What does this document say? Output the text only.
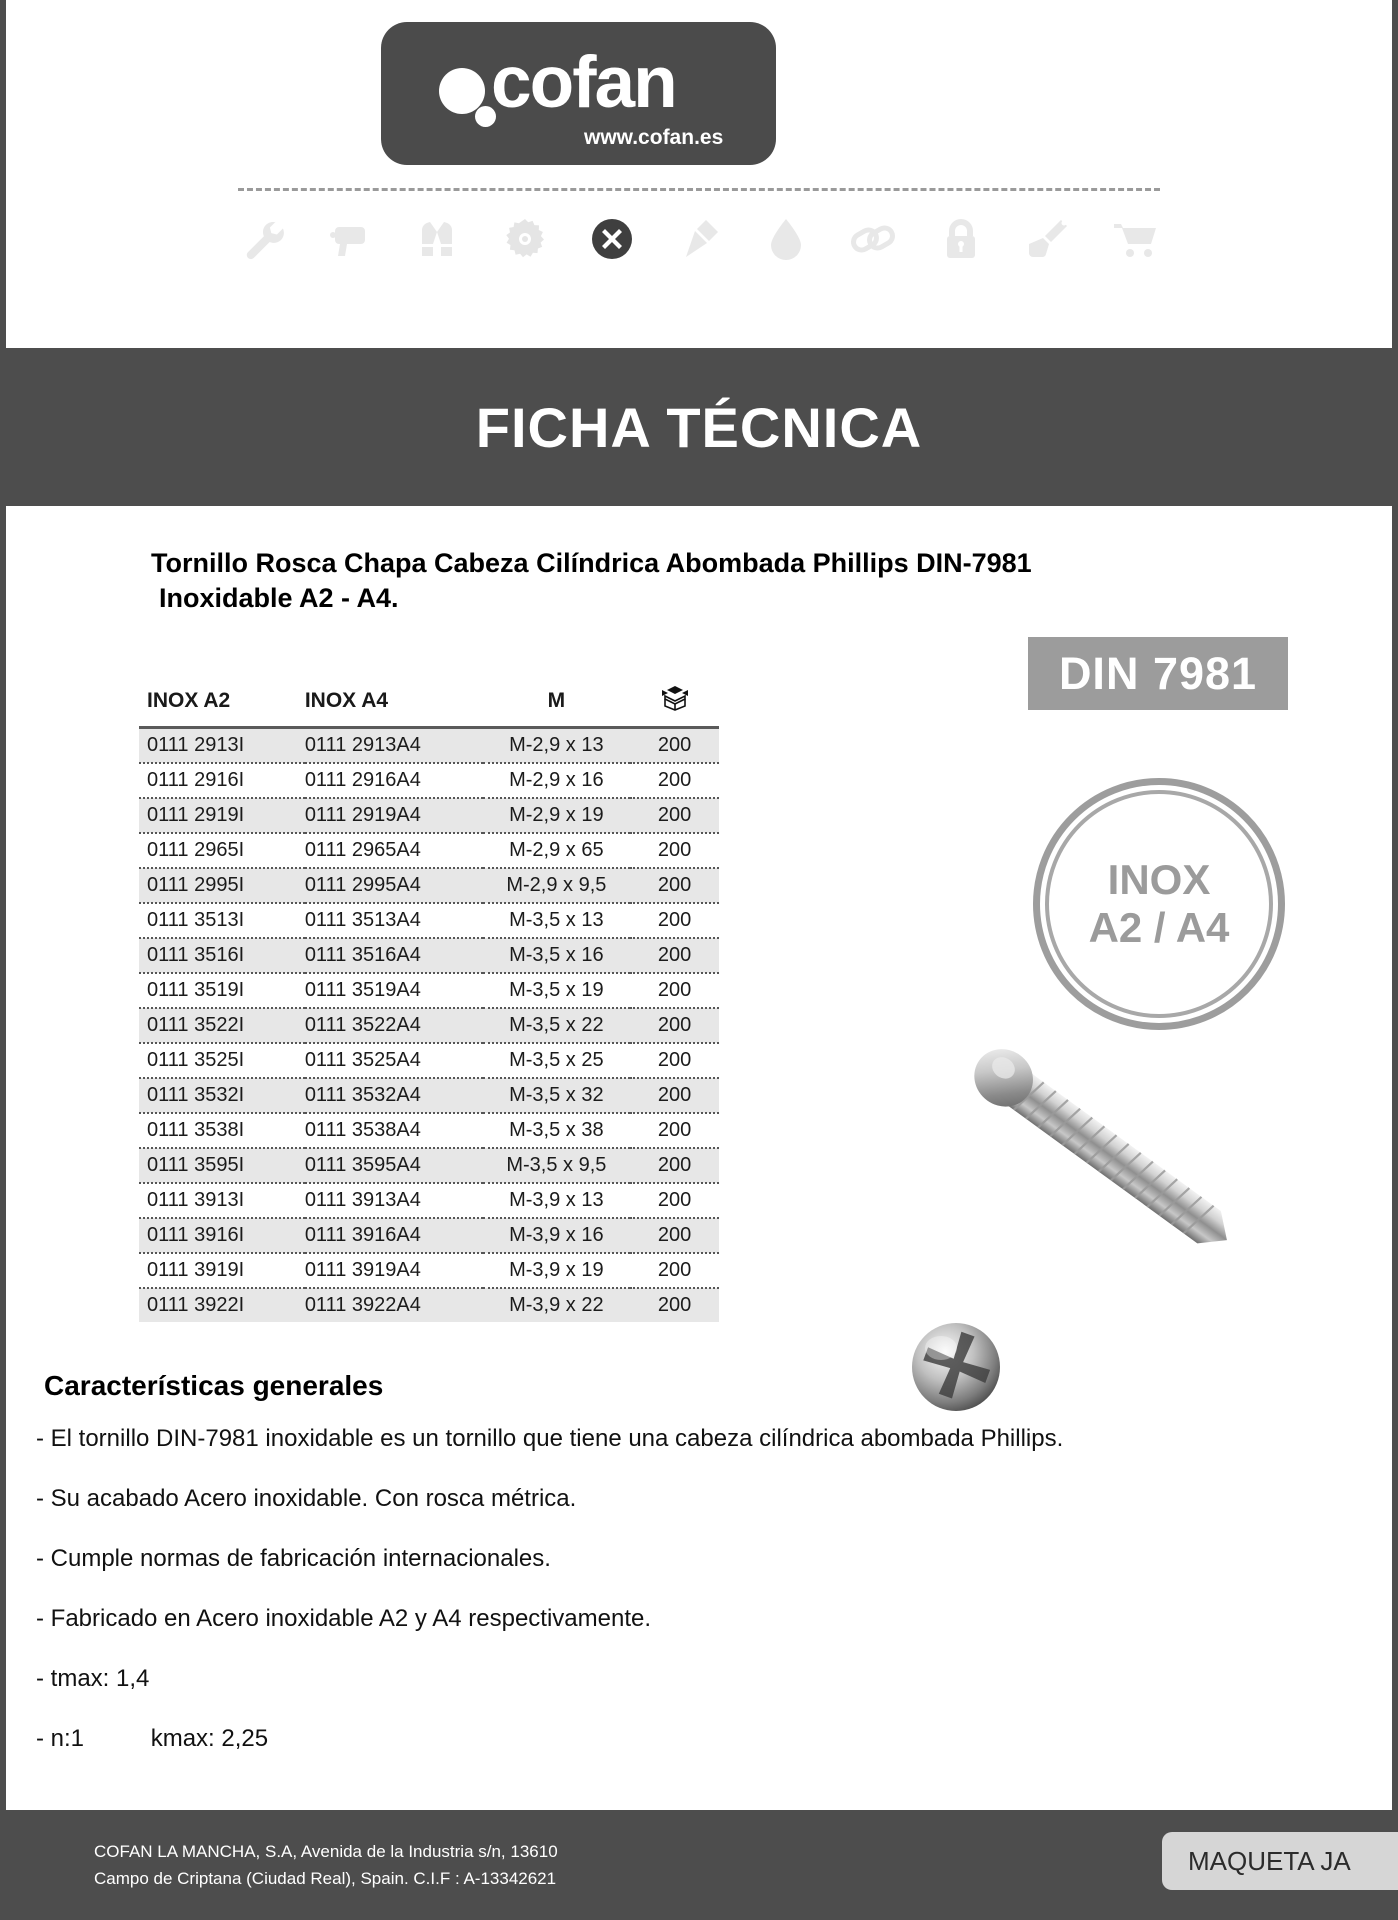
cofan
www.cofan.es
FICHA TÉCNICA
Tornillo Rosca Chapa Cabeza Cilíndrica Abombada Phillips DIN-7981
Inoxidable A2 - A4.
INOX A2	INOX A4	M	
0111 2913I	0111 2913A4	M-2,9 x 13	200
0111 2916I	0111 2916A4	M-2,9 x 16	200
0111 2919I	0111 2919A4	M-2,9 x 19	200
0111 2965I	0111 2965A4	M-2,9 x 65	200
0111 2995I	0111 2995A4	M-2,9 x 9,5	200
0111 3513I	0111 3513A4	M-3,5 x 13	200
0111 3516I	0111 3516A4	M-3,5 x 16	200
0111 3519I	0111 3519A4	M-3,5 x 19	200
0111 3522I	0111 3522A4	M-3,5 x 22	200
0111 3525I	0111 3525A4	M-3,5 x 25	200
0111 3532I	0111 3532A4	M-3,5 x 32	200
0111 3538I	0111 3538A4	M-3,5 x 38	200
0111 3595I	0111 3595A4	M-3,5 x 9,5	200
0111 3913I	0111 3913A4	M-3,9 x 13	200
0111 3916I	0111 3916A4	M-3,9 x 16	200
0111 3919I	0111 3919A4	M-3,9 x 19	200
0111 3922I	0111 3922A4	M-3,9 x 22	200
DIN 7981
INOX
A2 / A4
Características generales
- El tornillo DIN-7981 inoxidable es un tornillo que tiene una cabeza cilíndrica abombada Phillips.
- Su acabado Acero inoxidable. Con rosca métrica.
- Cumple normas de fabricación internacionales.
- Fabricado en Acero inoxidable A2 y A4 respectivamente.
- tmax: 1,4
- n:1          kmax: 2,25
COFAN LA MANCHA, S.A, Avenida de la Industria s/n, 13610
Campo de Criptana (Ciudad Real), Spain. C.I.F : A-13342621
MAQUETA JA
